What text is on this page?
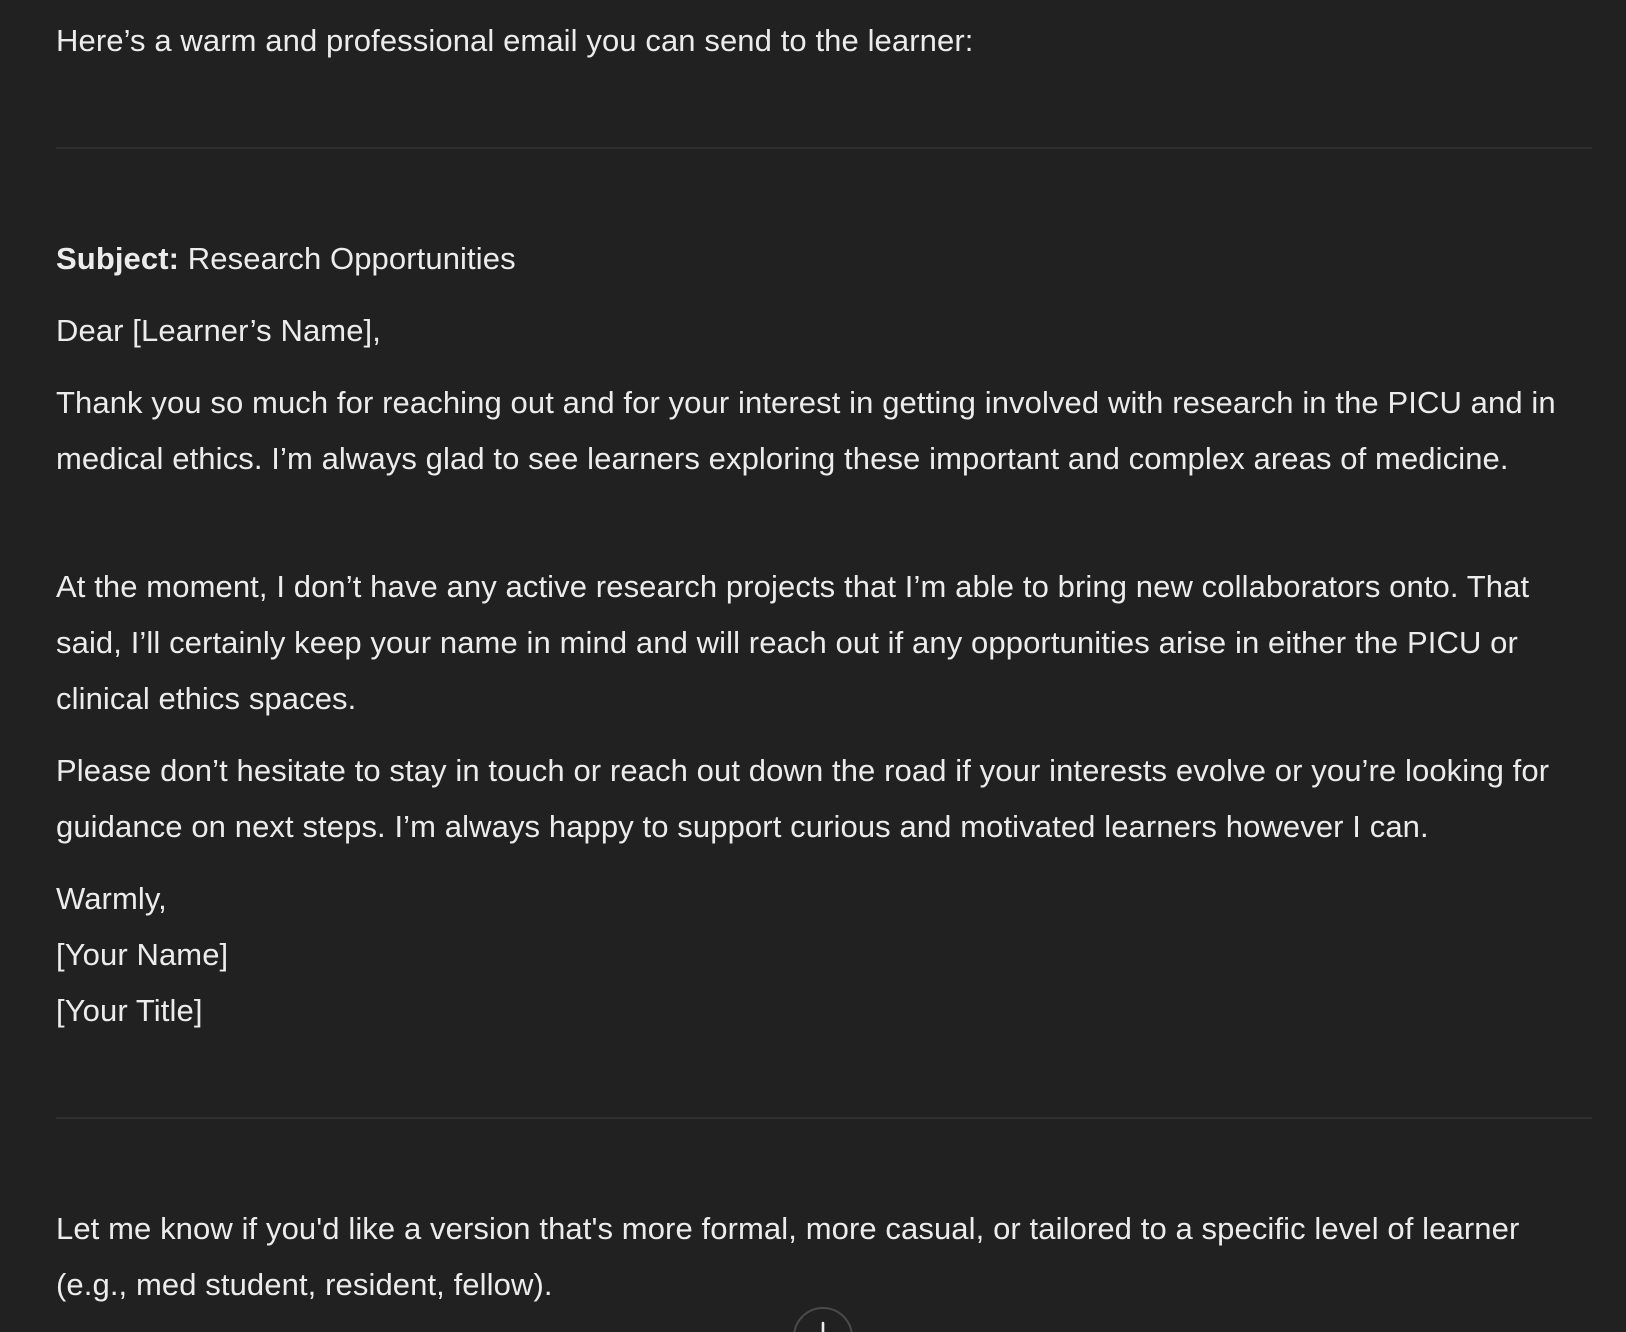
Here’s a warm and professional email you can send to the learner:

Subject: Research Opportunities

Dear [Learner’s Name],

Thank you so much for reaching out and for your interest in getting involved with research in the PICU and in medical ethics. I’m always glad to see learners exploring these important and complex areas of medicine.

At the moment, I don’t have any active research projects that I’m able to bring new collaborators onto. That said, I’ll certainly keep your name in mind and will reach out if any opportunities arise in either the PICU or clinical ethics spaces.

Please don’t hesitate to stay in touch or reach out down the road if your interests evolve or you’re looking for guidance on next steps. I’m always happy to support curious and motivated learners however I can.

Warmly,
[Your Name]
[Your Title]

Let me know if you'd like a version that's more formal, more casual, or tailored to a specific level of learner (e.g., med student, resident, fellow).
